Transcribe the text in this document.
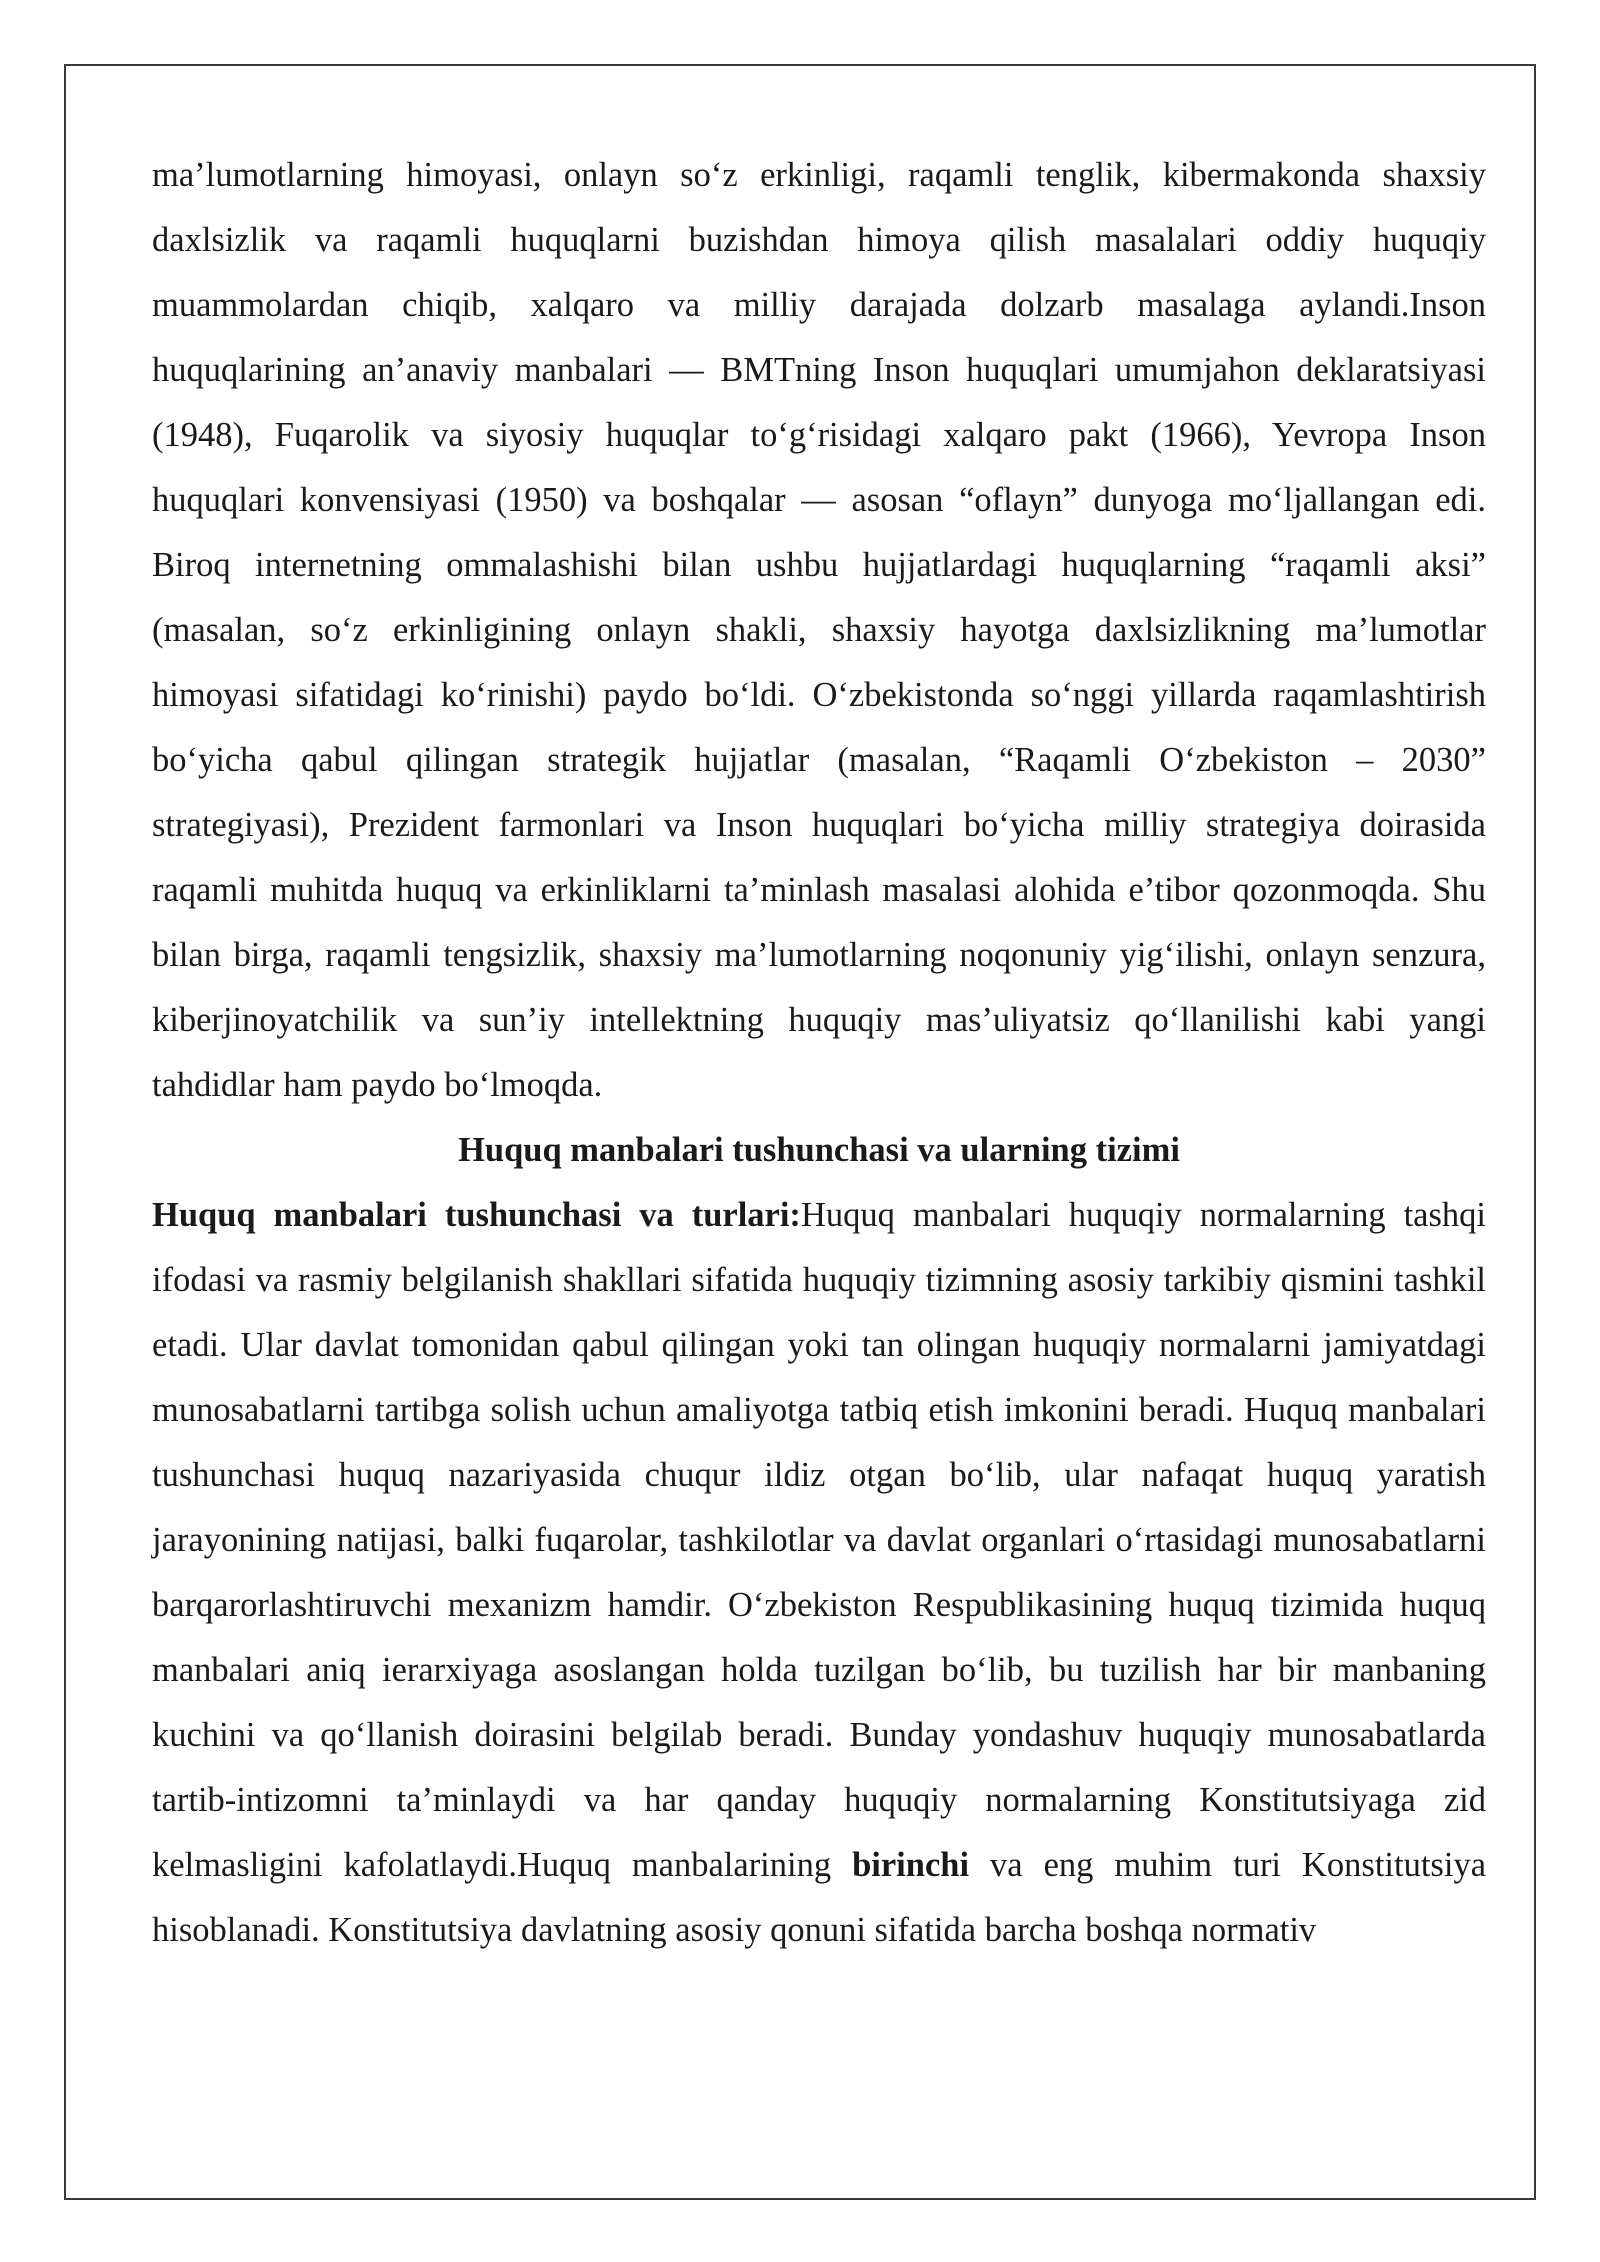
ma’lumotlarning himoyasi, onlayn so‘z erkinligi, raqamli tenglik, kibermakonda shaxsiy daxlsizlik va raqamli huquqlarni buzishdan himoya qilish masalalari oddiy huquqiy muammolardan chiqib, xalqaro va milliy darajada dolzarb masalaga aylandi.Inson huquqlarining an’anaviy manbalari — BMTning Inson huquqlari umumjahon deklaratsiyasi (1948), Fuqarolik va siyosiy huquqlar to‘g‘risidagi xalqaro pakt (1966), Yevropa Inson huquqlari konvensiyasi (1950) va boshqalar — asosan “oflayn” dunyoga mo‘ljallangan edi. Biroq internetning ommalashishi bilan ushbu hujjatlardagi huquqlarning “raqamli aksi” (masalan, so‘z erkinligining onlayn shakli, shaxsiy hayotga daxlsizlikning ma’lumotlar himoyasi sifatidagi ko‘rinishi) paydo bo‘ldi. O‘zbekistonda so‘nggi yillarda raqamlashtirish bo‘yicha qabul qilingan strategik hujjatlar (masalan, “Raqamli O‘zbekiston – 2030” strategiyasi), Prezident farmonlari va Inson huquqlari bo‘yicha milliy strategiya doirasida raqamli muhitda huquq va erkinliklarni ta’minlash masalasi alohida e’tibor qozonmoqda. Shu bilan birga, raqamli tengsizlik, shaxsiy ma’lumotlarning noqonuniy yig‘ilishi, onlayn senzura, kiberjinoyatchilik va sun’iy intellektning huquqiy mas’uliyatsiz qo‘llanilishi kabi yangi tahdidlar ham paydo bo‘lmoqda.

Huquq manbalari tushunchasi va ularning tizimi

Huquq manbalari tushunchasi va turlari:Huquq manbalari huquqiy normalarning tashqi ifodasi va rasmiy belgilanish shakllari sifatida huquqiy tizimning asosiy tarkibiy qismini tashkil etadi. Ular davlat tomonidan qabul qilingan yoki tan olingan huquqiy normalarni jamiyatdagi munosabatlarni tartibga solish uchun amaliyotga tatbiq etish imkonini beradi. Huquq manbalari tushunchasi huquq nazariyasida chuqur ildiz otgan bo‘lib, ular nafaqat huquq yaratish jarayonining natijasi, balki fuqarolar, tashkilotlar va davlat organlari o‘rtasidagi munosabatlarni barqarorlashtiruvchi mexanizm hamdir. O‘zbekiston Respublikasining huquq tizimida huquq manbalari aniq ierarxiyaga asoslangan holda tuzilgan bo‘lib, bu tuzilish har bir manbaning kuchini va qo‘llanish doirasini belgilab beradi. Bunday yondashuv huquqiy munosabatlarda tartib-intizomni ta’minlaydi va har qanday huquqiy normalarning Konstitutsiyaga zid kelmasligini kafolatlaydi.Huquq manbalarining birinchi va eng muhim turi Konstitutsiya hisoblanadi. Konstitutsiya davlatning asosiy qonuni sifatida barcha boshqa normativ
